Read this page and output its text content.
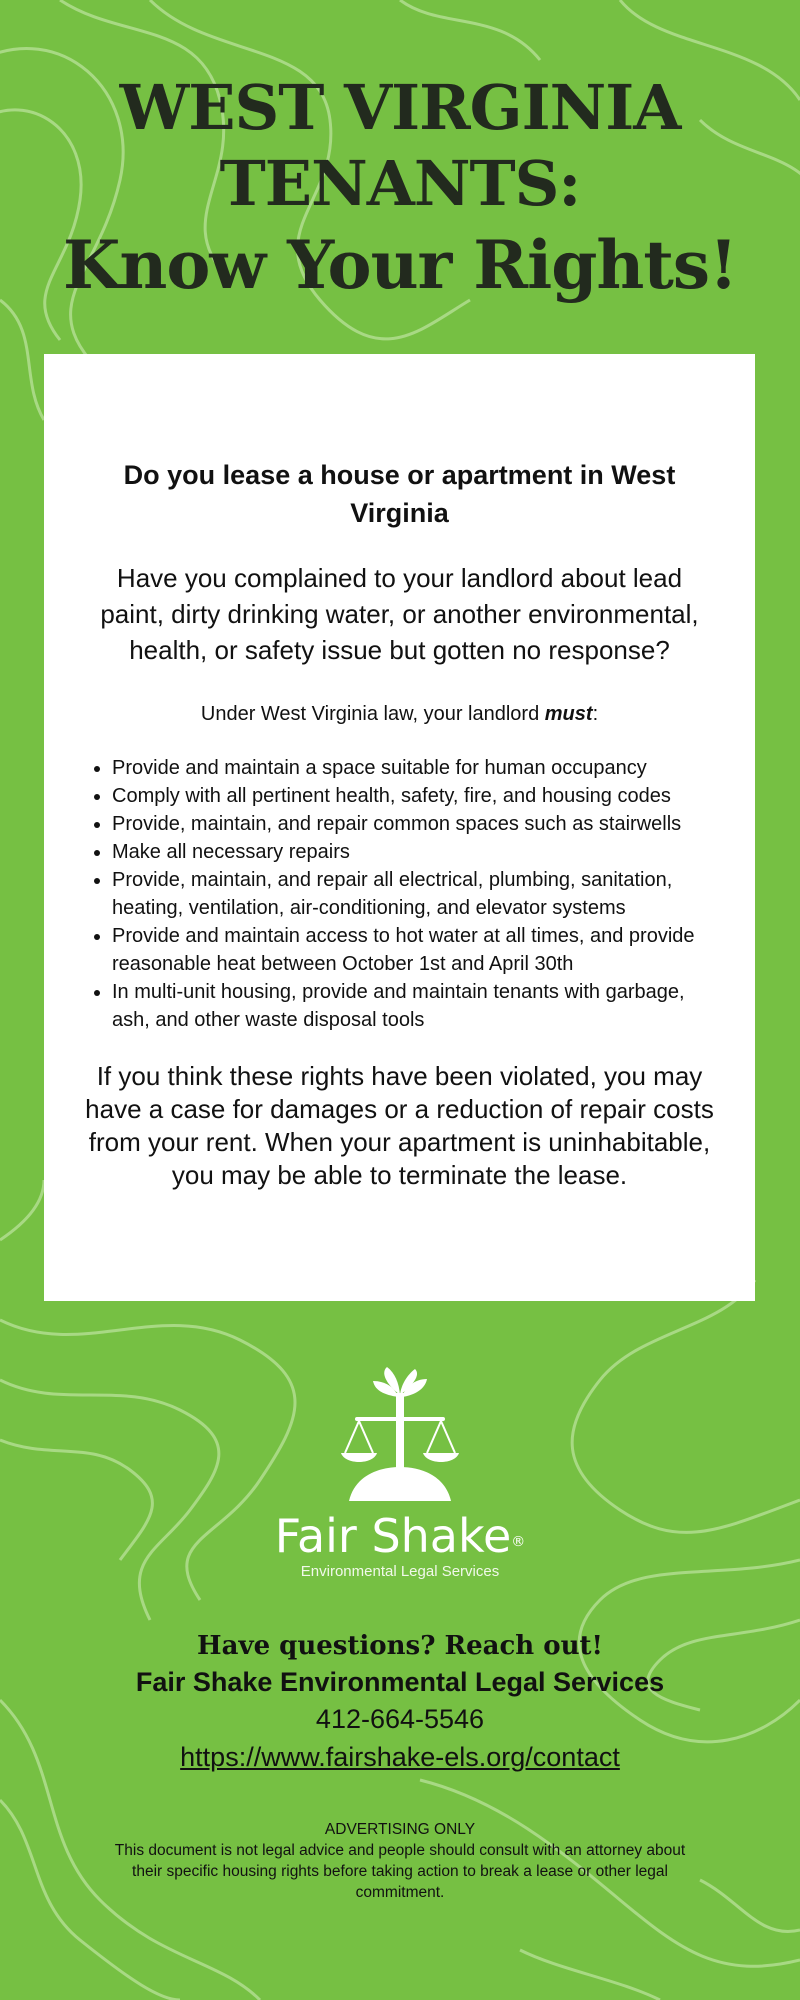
WEST VIRGINIA
TENANTS:
Know Your Rights!
Do you lease a house or apartment in West Virginia
Have you complained to your landlord about lead paint, dirty drinking water, or another environmental, health, or safety issue but gotten no response?
Under West Virginia law, your landlord must:
• Provide and maintain a space suitable for human occupancy
• Comply with all pertinent health, safety, fire, and housing codes
• Provide, maintain, and repair common spaces such as stairwells
• Make all necessary repairs
• Provide, maintain, and repair all electrical, plumbing, sanitation, heating, ventilation, air-conditioning, and elevator systems
• Provide and maintain access to hot water at all times, and provide reasonable heat between October 1st and April 30th
• In multi-unit housing, provide and maintain tenants with garbage, ash, and other waste disposal tools
If you think these rights have been violated, you may have a case for damages or a reduction of repair costs from your rent. When your apartment is uninhabitable, you may be able to terminate the lease.
Fair Shake®
Environmental Legal Services
Have questions? Reach out!
Fair Shake Environmental Legal Services
412-664-5546
https://www.fairshake-els.org/contact
ADVERTISING ONLY
This document is not legal advice and people should consult with an attorney about their specific housing rights before taking action to break a lease or other legal commitment.
